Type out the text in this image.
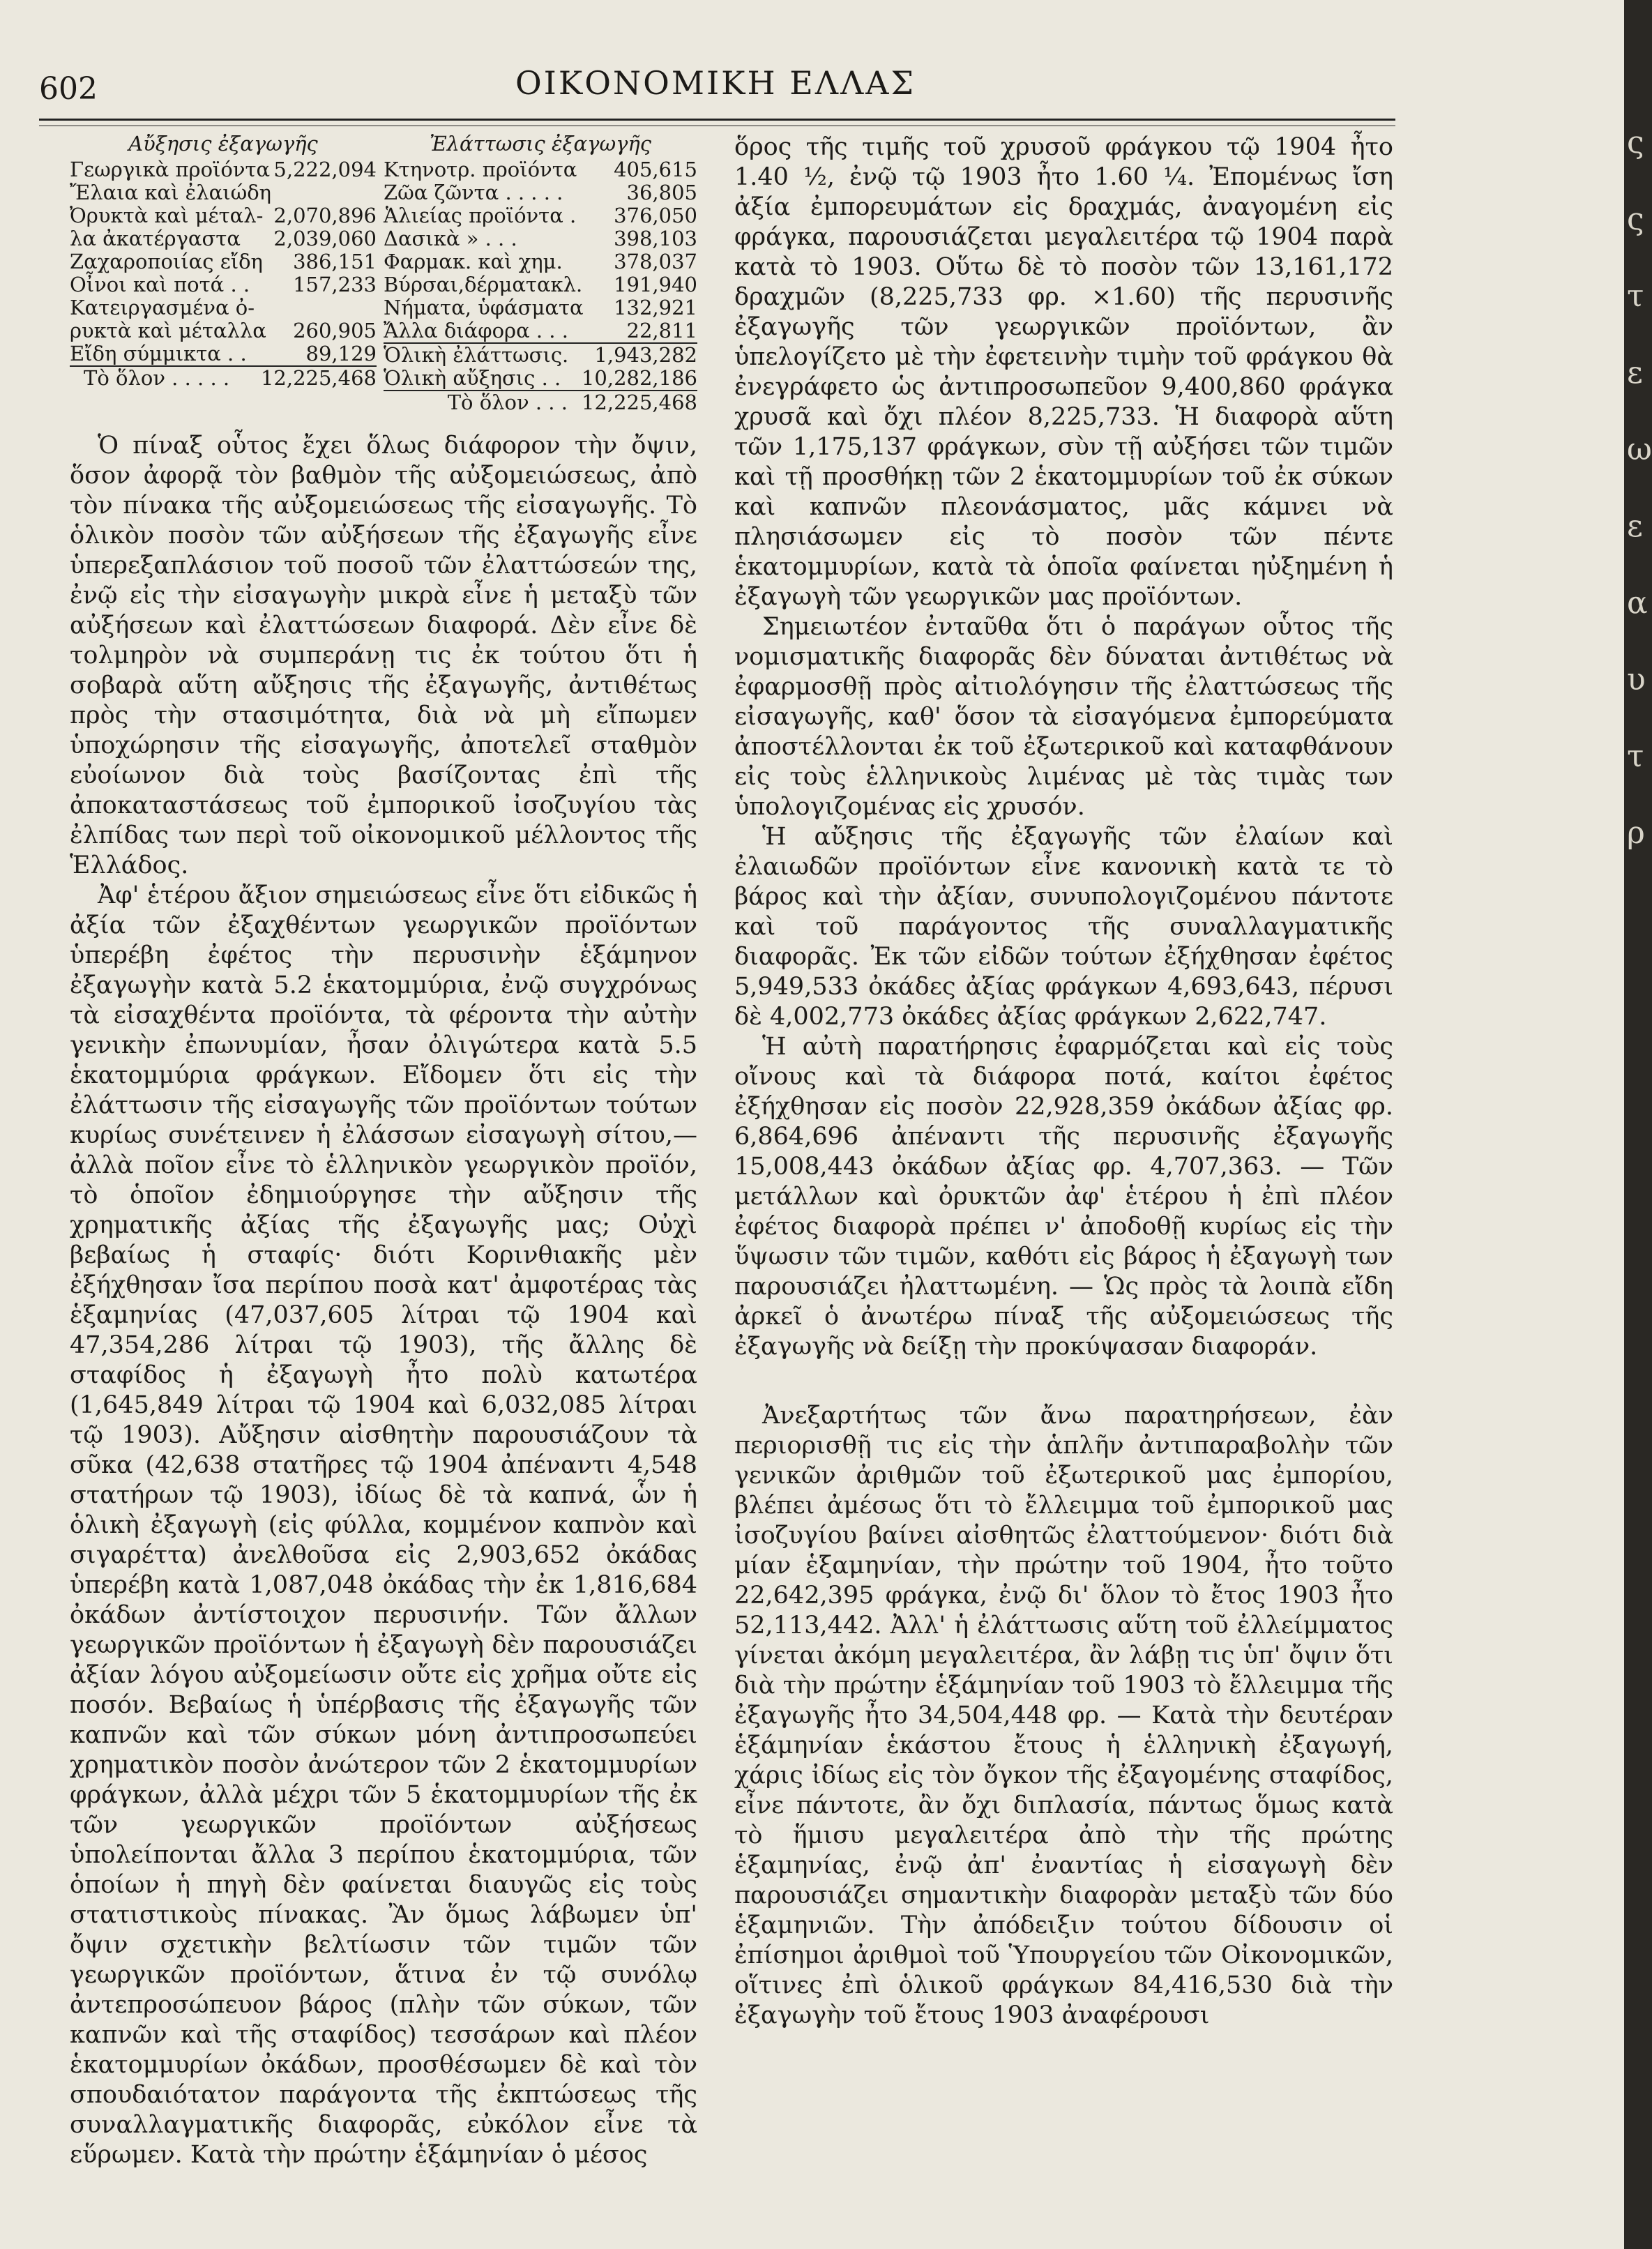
602	ΟΙΚΟΝΟΜΙΚΗ ΕΛΛΑΣ
Αὔξησις ἐξαγωγῆς
Γεωργικὰ προϊόντα 5,222,094
Ἔλαια καὶ ἐλαιώδη
Ὀρυκτὰ καὶ μέταλ- 2,070,896
λα ἀκατέργαστα 2,039,060
Ζαχαροποιίας εἴδη 386,151
Οἶνοι καὶ ποτά . . 157,233
Κατειργασμένα ὀ-
ρυκτὰ καὶ μέταλλα 260,905
Εἴδη σύμμικτα . .	89,129
Τὸ ὅλον . . . . . 12,225,468
Ἐλάττωσις ἐξαγωγῆς
Κτηνοτρ. προϊόντα 405,615
Ζῶα ζῶντα . . . . .	36,805
Ἁλιείας προϊόντα . 376,050
Δασικὰ » . . .	398,103
Φαρμακ. καὶ χημ.	378,037
Βύρσαι,δέρματακλ. 191,940
Νήματα, ὑφάσματα 132,921
Ἄλλα διάφορα . . .	22,811
Ὁλικὴ ἐλάττωσις. 1,943,282
Ὁλικὴ αὔξησις . . 10,282,186
Τὸ ὅλον . . . 12,225,468

Ὁ πίναξ οὗτος ἔχει ὅλως διάφορον τὴν ὄψιν, ὅσον ἀφορᾷ τὸν βαθμὸν τῆς αὐξομειώσεως, ἀπὸ τὸν πίνακα τῆς αὐξομειώσεως τῆς εἰσαγωγῆς. Τὸ ὁλικὸν ποσὸν τῶν αὐξήσεων τῆς ἐξαγωγῆς εἶνε ὑπερεξαπλάσιον τοῦ ποσοῦ τῶν ἐλαττώσεών της, ἐνῷ εἰς τὴν εἰσαγωγὴν μικρὰ εἶνε ἡ μεταξὺ τῶν αὐξήσεων καὶ ἐλαττώσεων διαφορά. Δὲν εἶνε δὲ τολμηρὸν νὰ συμπεράνῃ τις ἐκ τούτου ὅτι ἡ σοβαρὰ αὕτη αὔξησις τῆς ἐξαγωγῆς, ἀντιθέτως πρὸς τὴν στασιμότητα, διὰ νὰ μὴ εἴπωμεν ὑποχώρησιν τῆς εἰσαγωγῆς, ἀποτελεῖ σταθμὸν εὐοίωνον διὰ τοὺς βασίζοντας ἐπὶ τῆς ἀποκαταστάσεως τοῦ ἐμπορικοῦ ἰσοζυγίου τὰς ἐλπίδας των περὶ τοῦ οἰκονομικοῦ μέλλοντος τῆς Ἑλλάδος.

Ἀφ' ἑτέρου ἄξιον σημειώσεως εἶνε ὅτι εἰδικῶς ἡ ἀξία τῶν ἐξαχθέντων γεωργικῶν προϊόντων ὑπερέβη ἐφέτος τὴν περυσινὴν ἑξάμηνον ἐξαγωγὴν κατὰ 5.2 ἑκατομμύρια, ἐνῷ συγχρόνως τὰ εἰσαχθέντα προϊόντα, τὰ φέροντα τὴν αὐτὴν γενικὴν ἐπωνυμίαν, ἦσαν ὀλιγώτερα κατὰ 5.5 ἑκατομμύρια φράγκων. Εἴδομεν ὅτι εἰς τὴν ἐλάττωσιν τῆς εἰσαγωγῆς τῶν προϊόντων τούτων κυρίως συνέτεινεν ἡ ἐλάσσων εἰσαγωγὴ σίτου,— ἀλλὰ ποῖον εἶνε τὸ ἑλληνικὸν γεωργικὸν προϊόν, τὸ ὁποῖον ἐδημιούργησε τὴν αὔξησιν τῆς χρηματικῆς ἀξίας τῆς ἐξαγωγῆς μας; Οὐχὶ βεβαίως ἡ σταφίς· διότι Κορινθιακῆς μὲν ἐξήχθησαν ἴσα περίπου ποσὰ κατ' ἀμφοτέρας τὰς ἑξαμηνίας (47,037,605 λίτραι τῷ 1904 καὶ 47,354,286 λίτραι τῷ 1903), τῆς ἄλλης δὲ σταφίδος ἡ ἐξαγωγὴ ἦτο πολὺ κατωτέρα (1,645,849 λίτραι τῷ 1904 καὶ 6,032,085 λίτραι τῷ 1903). Αὔξησιν αἰσθητὴν παρουσιάζουν τὰ σῦκα (42,638 στατῆρες τῷ 1904 ἀπέναντι 4,548 στατήρων τῷ 1903), ἰδίως δὲ τὰ καπνά, ὧν ἡ ὁλικὴ ἐξαγωγὴ (εἰς φύλλα, κομμένον καπνὸν καὶ σιγαρέττα) ἀνελθοῦσα εἰς 2,903,652 ὀκάδας ὑπερέβη κατὰ 1,087,048 ὀκάδας τὴν ἐκ 1,816,684 ὀκάδων ἀντίστοιχον περυσινήν. Τῶν ἄλλων γεωργικῶν προϊόντων ἡ ἐξαγωγὴ δὲν παρουσιάζει ἀξίαν λόγου αὐξομείωσιν οὔτε εἰς χρῆμα οὔτε εἰς ποσόν. Βεβαίως ἡ ὑπέρβασις τῆς ἐξαγωγῆς τῶν καπνῶν καὶ τῶν σύκων μόνη ἀντιπροσωπεύει χρηματικὸν ποσὸν ἀνώτερον τῶν 2 ἑκατομμυρίων φράγκων, ἀλλὰ μέχρι τῶν 5 ἑκατομμυρίων τῆς ἐκ τῶν γεωργικῶν προϊόντων αὐξήσεως ὑπολείπονται ἄλλα 3 περίπου ἑκατομμύρια, τῶν ὁποίων ἡ πηγὴ δὲν φαίνεται διαυγῶς εἰς τοὺς στατιστικοὺς πίνακας. Ἂν ὅμως λάβωμεν ὑπ' ὄψιν σχετικὴν βελτίωσιν τῶν τιμῶν τῶν γεωργικῶν προϊόντων, ἅτινα ἐν τῷ συνόλῳ ἀντεπροσώπευον βάρος (πλὴν τῶν σύκων, τῶν καπνῶν καὶ τῆς σταφίδος) τεσσάρων καὶ πλέον ἑκατομμυρίων ὀκάδων, προσθέσωμεν δὲ καὶ τὸν σπουδαιότατον παράγοντα τῆς ἐκπτώσεως τῆς συναλλαγματικῆς διαφορᾶς, εὐκόλον εἶνε τὰ εὕρωμεν. Κατὰ τὴν πρώτην ἑξάμηνίαν ὁ μέσος

ὅρος τῆς τιμῆς τοῦ χρυσοῦ φράγκου τῷ 1904 ἦτο 1.40 ½, ἐνῷ τῷ 1903 ἦτο 1.60 ¼. Ἐπομένως ἴση ἀξία ἐμπορευμάτων εἰς δραχμάς, ἀναγομένη εἰς φράγκα, παρουσιάζεται μεγαλειτέρα τῷ 1904 παρὰ κατὰ τὸ 1903. Οὕτω δὲ τὸ ποσὸν τῶν 13,161,172 δραχμῶν (8,225,733 φρ. ×1.60) τῆς περυσινῆς ἐξαγωγῆς τῶν γεωργικῶν προϊόντων, ἂν ὑπελογίζετο μὲ τὴν ἐφετεινὴν τιμὴν τοῦ φράγκου θὰ ἐνεγράφετο ὡς ἀντιπροσωπεῦον 9,400,860 φράγκα χρυσᾶ καὶ ὄχι πλέον 8,225,733. Ἡ διαφορὰ αὕτη τῶν 1,175,137 φράγκων, σὺν τῇ αὐξήσει τῶν τιμῶν καὶ τῇ προσθήκῃ τῶν 2 ἑκατομμυρίων τοῦ ἐκ σύκων καὶ καπνῶν πλεονάσματος, μᾶς κάμνει νὰ πλησιάσωμεν εἰς τὸ ποσὸν τῶν πέντε ἑκατομμυρίων, κατὰ τὰ ὁποῖα φαίνεται ηὐξημένη ἡ ἐξαγωγὴ τῶν γεωργικῶν μας προϊόντων.

Σημειωτέον ἐνταῦθα ὅτι ὁ παράγων οὗτος τῆς νομισματικῆς διαφορᾶς δὲν δύναται ἀντιθέτως νὰ ἐφαρμοσθῇ πρὸς αἰτιολόγησιν τῆς ἐλαττώσεως τῆς εἰσαγωγῆς, καθ' ὅσον τὰ εἰσαγόμενα ἐμπορεύματα ἀποστέλλονται ἐκ τοῦ ἐξωτερικοῦ καὶ καταφθάνουν εἰς τοὺς ἑλληνικοὺς λιμένας μὲ τὰς τιμὰς των ὑπολογιζομένας εἰς χρυσόν.

Ἡ αὔξησις τῆς ἐξαγωγῆς τῶν ἐλαίων καὶ ἐλαιωδῶν προϊόντων εἶνε κανονικὴ κατὰ τε τὸ βάρος καὶ τὴν ἀξίαν, συνυπολογιζομένου πάντοτε καὶ τοῦ παράγοντος τῆς συναλλαγματικῆς διαφορᾶς. Ἐκ τῶν εἰδῶν τούτων ἐξήχθησαν ἐφέτος 5,949,533 ὀκάδες ἀξίας φράγκων 4,693,643, πέρυσι δὲ 4,002,773 ὀκάδες ἀξίας φράγκων 2,622,747.

Ἡ αὐτὴ παρατήρησις ἐφαρμόζεται καὶ εἰς τοὺς οἴνους καὶ τὰ διάφορα ποτά, καίτοι ἐφέτος ἐξήχθησαν εἰς ποσὸν 22,928,359 ὀκάδων ἀξίας φρ. 6,864,696 ἀπέναντι τῆς περυσινῆς ἐξαγωγῆς 15,008,443 ὀκάδων ἀξίας φρ. 4,707,363. — Τῶν μετάλλων καὶ ὀρυκτῶν ἀφ' ἑτέρου ἡ ἐπὶ πλέον ἐφέτος διαφορὰ πρέπει ν' ἀποδοθῇ κυρίως εἰς τὴν ὕψωσιν τῶν τιμῶν, καθότι εἰς βάρος ἡ ἐξαγωγὴ των παρουσιάζει ἠλαττωμένη. — Ὡς πρὸς τὰ λοιπὰ εἴδη ἀρκεῖ ὁ ἀνωτέρω πίναξ τῆς αὐξομειώσεως τῆς ἐξαγωγῆς νὰ δείξῃ τὴν προκύψασαν διαφοράν.

Ἀνεξαρτήτως τῶν ἄνω παρατηρήσεων, ἐὰν περιορισθῇ τις εἰς τὴν ἁπλῆν ἀντιπαραβολὴν τῶν γενικῶν ἀριθμῶν τοῦ ἐξωτερικοῦ μας ἐμπορίου, βλέπει ἀμέσως ὅτι τὸ ἔλλειμμα τοῦ ἐμπορικοῦ μας ἰσοζυγίου βαίνει αἰσθητῶς ἐλαττούμενον· διότι διὰ μίαν ἑξαμηνίαν, τὴν πρώτην τοῦ 1904, ἦτο τοῦτο 22,642,395 φράγκα, ἐνῷ δι' ὅλον τὸ ἔτος 1903 ἦτο 52,113,442. Ἀλλ' ἡ ἐλάττωσις αὕτη τοῦ ἐλλείμματος γίνεται ἀκόμη μεγαλειτέρα, ἂν λάβῃ τις ὑπ' ὄψιν ὅτι διὰ τὴν πρώτην ἑξάμηνίαν τοῦ 1903 τὸ ἔλλειμμα τῆς ἐξαγωγῆς ἦτο 34,504,448 φρ. — Κατὰ τὴν δευτέραν ἑξάμηνίαν ἑκάστου ἔτους ἡ ἑλληνικὴ ἐξαγωγή, χάρις ἰδίως εἰς τὸν ὄγκον τῆς ἐξαγομένης σταφίδος, εἶνε πάντοτε, ἂν ὄχι διπλασία, πάντως ὅμως κατὰ τὸ ἥμισυ μεγαλειτέρα ἀπὸ τὴν τῆς πρώτης ἑξαμηνίας, ἐνῷ ἀπ' ἐναντίας ἡ εἰσαγωγὴ δὲν παρουσιάζει σημαντικὴν διαφορὰν μεταξὺ τῶν δύο ἑξαμηνιῶν. Τὴν ἀπόδειξιν τούτου δίδουσιν οἱ ἐπίσημοι ἀριθμοὶ τοῦ Ὑπουργείου τῶν Οἰκονομικῶν, οἵτινες ἐπὶ ὁλικοῦ φράγκων 84,416,530 διὰ τὴν ἐξαγωγὴν τοῦ ἔτους 1903 ἀναφέρουσι

ς
ς
τ
ε
ω
ε
α
υ
τ
ρ
